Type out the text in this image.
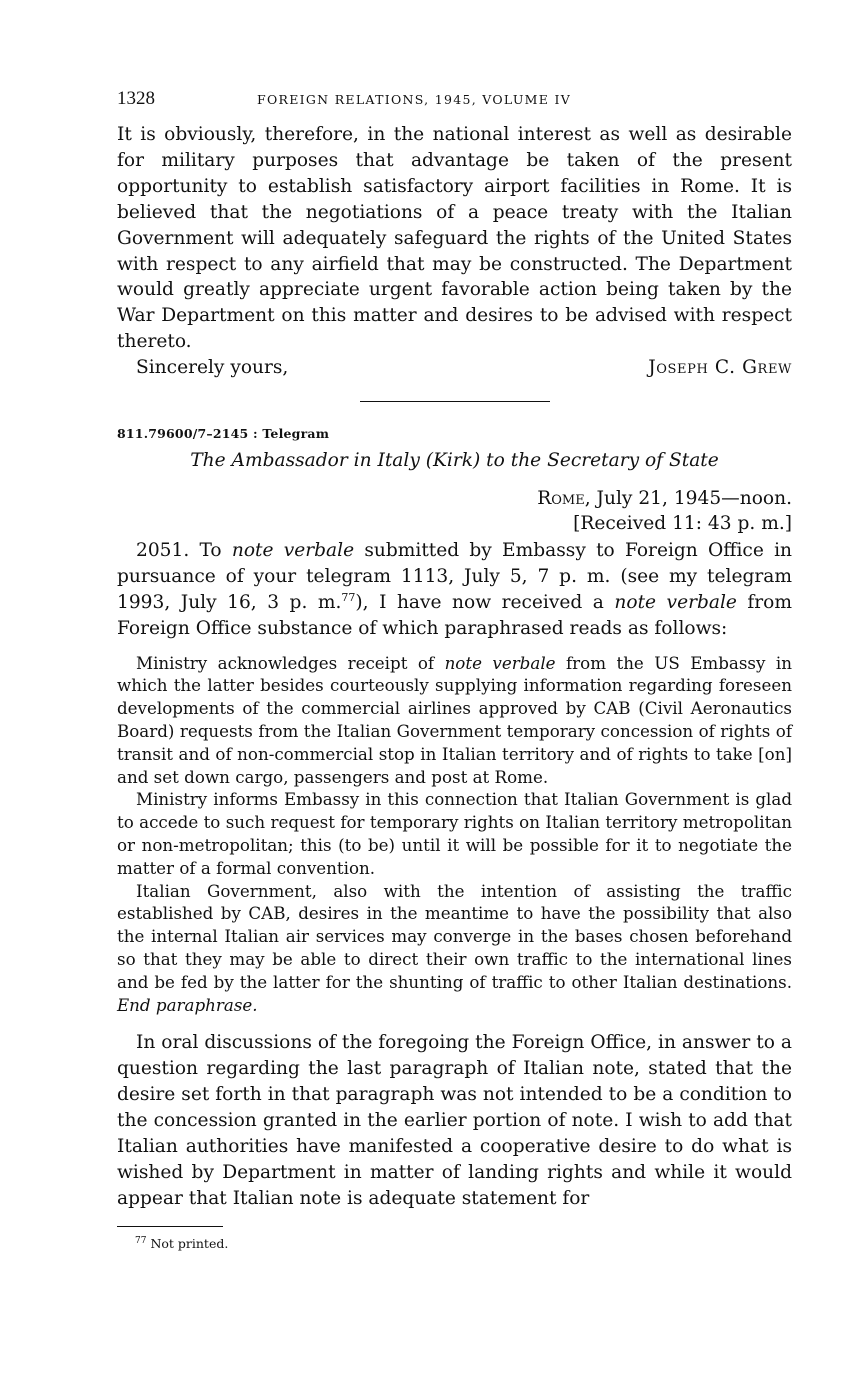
1328	FOREIGN RELATIONS, 1945, VOLUME IV

It is obviously, therefore, in the national interest as well as desirable for military purposes that advantage be taken of the present opportunity to establish satisfactory airport facilities in Rome. It is believed that the negotiations of a peace treaty with the Italian Government will adequately safeguard the rights of the United States with respect to any airfield that may be constructed. The Department would greatly appreciate urgent favorable action being taken by the War Department on this matter and desires to be advised with respect thereto.

Sincerely yours,	Joseph C. Grew
811.79600/7–2145 : Telegram
The Ambassador in Italy (Kirk) to the Secretary of State
Rome, July 21, 1945—noon.
[Received 11: 43 p. m.]

2051. To note verbale submitted by Embassy to Foreign Office in pursuance of your telegram 1113, July 5, 7 p. m. (see my telegram 1993, July 16, 3 p. m.$^{77}$), I have now received a note verbale from Foreign Office substance of which paraphrased reads as follows:

Ministry acknowledges receipt of note verbale from the US Embassy in which the latter besides courteously supplying information regarding foreseen developments of the commercial airlines approved by CAB (Civil Aeronautics Board) requests from the Italian Government temporary concession of rights of transit and of non-commercial stop in Italian territory and of rights to take [on] and set down cargo, passengers and post at Rome.

Ministry informs Embassy in this connection that Italian Government is glad to accede to such request for temporary rights on Italian territory metropolitan or non-metropolitan; this (to be) until it will be possible for it to negotiate the matter of a formal convention.

Italian Government, also with the intention of assisting the traffic established by CAB, desires in the meantime to have the possibility that also the internal Italian air services may converge in the bases chosen beforehand so that they may be able to direct their own traffic to the international lines and be fed by the latter for the shunting of traffic to other Italian destinations. End paraphrase.

In oral discussions of the foregoing the Foreign Office, in answer to a question regarding the last paragraph of Italian note, stated that the desire set forth in that paragraph was not intended to be a condition to the concession granted in the earlier portion of note. I wish to add that Italian authorities have manifested a cooperative desire to do what is wished by Department in matter of landing rights and while it would appear that Italian note is adequate statement for

$^{77}$ Not printed.
